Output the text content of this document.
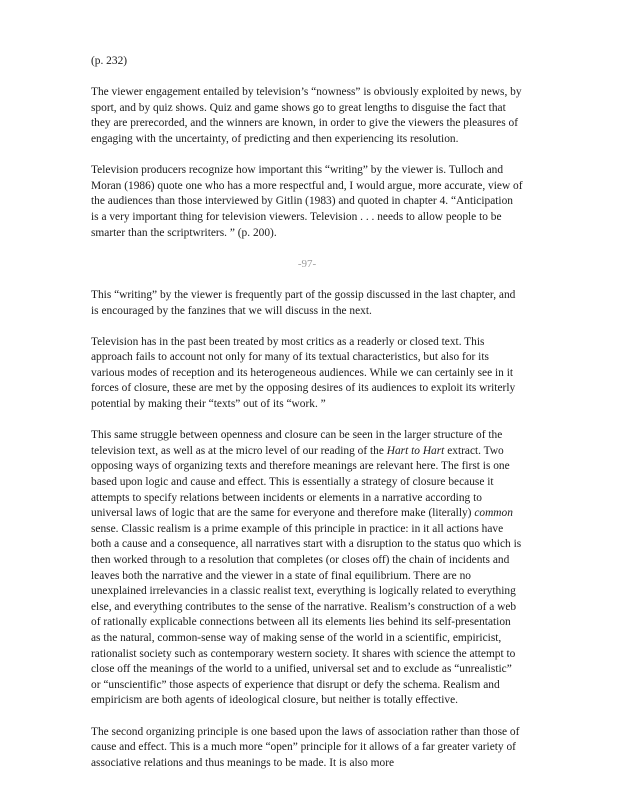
(p. 232)

The viewer engagement entailed by television’s “nowness” is obviously exploited by news, by sport, and by quiz shows. Quiz and game shows go to great lengths to disguise the fact that they are prerecorded, and the winners are known, in order to give the viewers the pleasures of engaging with the uncertainty, of predicting and then experiencing its resolution.

Television producers recognize how important this “writing” by the viewer is. Tulloch and Moran (1986) quote one who has a more respectful and, I would argue, more accurate, view of the audiences than those interviewed by Gitlin (1983) and quoted in chapter 4. “Anticipation is a very important thing for television viewers. Television . . . needs to allow people to be smarter than the scriptwriters. ” (p. 200).

-97-

This “writing” by the viewer is frequently part of the gossip discussed in the last chapter, and is encouraged by the fanzines that we will discuss in the next.

Television has in the past been treated by most critics as a readerly or closed text. This approach fails to account not only for many of its textual characteristics, but also for its various modes of reception and its heterogeneous audiences. While we can certainly see in it forces of closure, these are met by the opposing desires of its audiences to exploit its writerly potential by making their “texts” out of its “work. ”

This same struggle between openness and closure can be seen in the larger structure of the television text, as well as at the micro level of our reading of the Hart to Hart extract. Two opposing ways of organizing texts and therefore meanings are relevant here. The first is one based upon logic and cause and effect. This is essentially a strategy of closure because it attempts to specify relations between incidents or elements in a narrative according to universal laws of logic that are the same for everyone and therefore make (literally) common sense. Classic realism is a prime example of this principle in practice: in it all actions have both a cause and a consequence, all narratives start with a disruption to the status quo which is then worked through to a resolution that completes (or closes off) the chain of incidents and leaves both the narrative and the viewer in a state of final equilibrium. There are no unexplained irrelevancies in a classic realist text, everything is logically related to everything else, and everything contributes to the sense of the narrative. Realism’s construction of a web of rationally explicable connections between all its elements lies behind its self-presentation as the natural, common-sense way of making sense of the world in a scientific, empiricist, rationalist society such as contemporary western society. It shares with science the attempt to close off the meanings of the world to a unified, universal set and to exclude as “unrealistic” or “unscientific” those aspects of experience that disrupt or defy the schema. Realism and empiricism are both agents of ideological closure, but neither is totally effective.

The second organizing principle is one based upon the laws of association rather than those of cause and effect. This is a much more “open” principle for it allows of a far greater variety of associative relations and thus meanings to be made. It is also more
